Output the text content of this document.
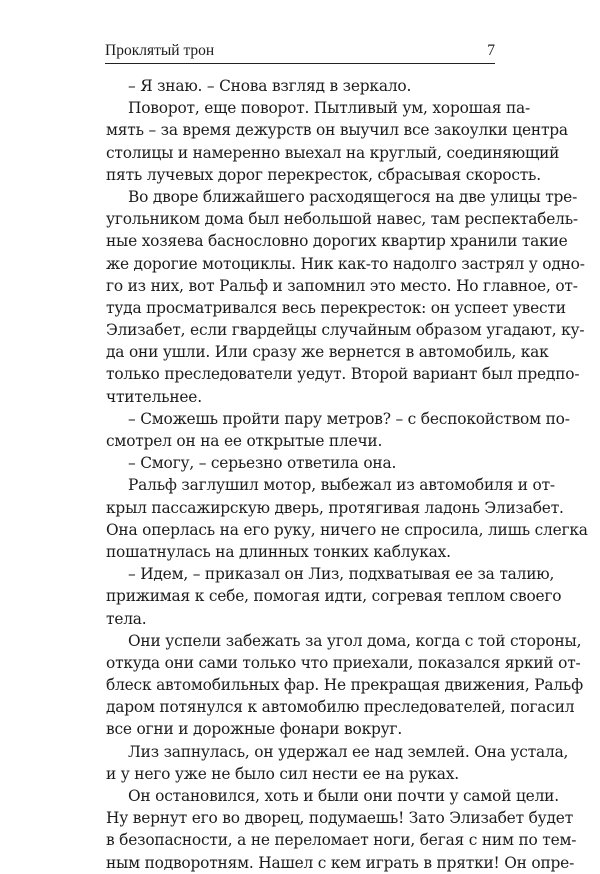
Проклятый трон	7
– Я знаю. – Снова взгляд в зеркало.
Поворот, еще поворот. Пытливый ум, хорошая па-
мять – за время дежурств он выучил все закоулки центра
столицы и намеренно выехал на круглый, соединяющий
пять лучевых дорог перекресток, сбрасывая скорость.
Во дворе ближайшего расходящегося на две улицы тре-
угольником дома был небольшой навес, там респектабель-
ные хозяева баснословно дорогих квартир хранили такие
же дорогие мотоциклы. Ник как-то надолго застрял у одно-
го из них, вот Ральф и запомнил это место. Но главное, от-
туда просматривался весь перекресток: он успеет увести
Элизабет, если гвардейцы случайным образом угадают, ку-
да они ушли. Или сразу же вернется в автомобиль, как
только преследователи уедут. Второй вариант был предпо-
чтительнее.
– Сможешь пройти пару метров? – с беспокойством по-
смотрел он на ее открытые плечи.
– Смогу, – серьезно ответила она.
Ральф заглушил мотор, выбежал из автомобиля и от-
крыл пассажирскую дверь, протягивая ладонь Элизабет.
Она оперлась на его руку, ничего не спросила, лишь слегка
пошатнулась на длинных тонких каблуках.
– Идем, – приказал он Лиз, подхватывая ее за талию,
прижимая к себе, помогая идти, согревая теплом своего
тела.
Они успели забежать за угол дома, когда с той стороны,
откуда они сами только что приехали, показался яркий от-
блеск автомобильных фар. Не прекращая движения, Ральф
даром потянулся к автомобилю преследователей, погасил
все огни и дорожные фонари вокруг.
Лиз запнулась, он удержал ее над землей. Она устала,
и у него уже не было сил нести ее на руках.
Он остановился, хоть и были они почти у самой цели.
Ну вернут его во дворец, подумаешь! Зато Элизабет будет
в безопасности, а не переломает ноги, бегая с ним по тем-
ным подворотням. Нашел с кем играть в прятки! Он опре-
